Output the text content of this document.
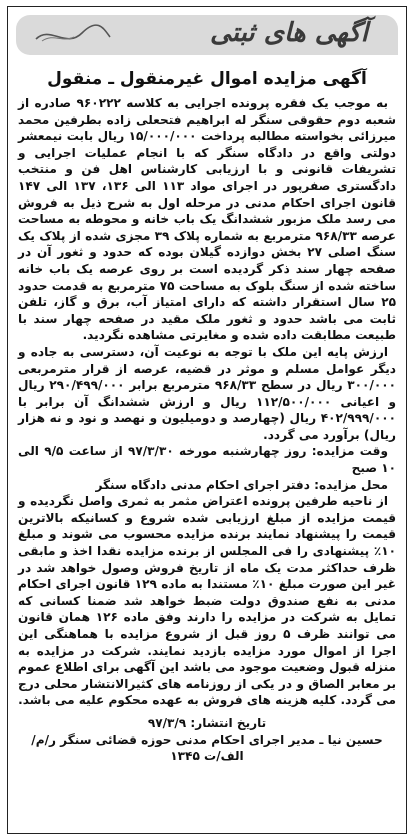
آگهی های ثبتی
آگهی مزایده اموال غیرمنقول ـ منقول

به موجب یک فقره پرونده اجرایی به کلاسه ۹۶۰۲۲۲ صادره از شعبه دوم حقوقی سنگر له ابراهیم فتحعلی زاده بطرفین محمد میرزائی بخواسته مطالبه پرداخت ۱۵/۰۰۰/۰۰۰ ریال بابت نیمعشر دولتی واقع در دادگاه سنگر که با انجام عملیات اجرایی و تشریفات قانونی و با ارزیابی کارشناس اهل فن و منتخب دادگستری صفرپور در اجرای مواد ۱۱۳ الی ۱۳۶، ۱۳۷ الی ۱۴۷ قانون اجرای احکام مدنی در مرحله اول به شرح ذیل به فروش می رسد ملک مزبور ششدانگ یک باب خانه و محوطه به مساحت عرصه ۹۶۸/۳۳ مترمربع به شماره پلاک ۳۹ مجزی شده از پلاک یک سنگ اصلی ۲۷ بخش دوازده گیلان بوده که حدود و ثغور آن در صفحه چهار سند ذکر گردیده است بر روی عرصه یک باب خانه ساخته شده از سنگ بلوک به مساحت ۷۵ مترمربع به قدمت حدود ۲۵ سال استقرار داشته که دارای امتیاز آب، برق و گاز، تلفن ثابت می باشد حدود و ثغور ملک مقید در صفحه چهار سند با طبیعت مطابقت داده شده و مغایرتی مشاهده نگردید.

ارزش پایه این ملک با توجه به نوعیت آن، دسترسی به جاده و دیگر عوامل مسلم و موثر در قضیه، عرصه از قرار مترمربعی ۳۰۰/۰۰۰ ریال در سطح ۹۶۸/۳۳ مترمربع برابر ۲۹۰/۴۹۹/۰۰۰ ریال و اعیانی ۱۱۲/۵۰۰/۰۰۰ ریال و ارزش ششدانگ آن برابر با ۴۰۲/۹۹۹/۰۰۰ ریال (چهارصد و دومیلیون و نهصد و نود و نه هزار ریال) برآورد می گردد.

وقت مزایده: روز چهارشنبه مورخه ۹۷/۳/۳۰ از ساعت ۹/۵ الی ۱۰ صبح

محل مزایده: دفتر اجرای احکام مدنی دادگاه سنگر

از ناحیه طرفین پرونده اعتراض مثمر به ثمری واصل نگردیده و قیمت مزایده از مبلغ ارزیابی شده شروع و کسانیکه بالاترین قیمت را پیشنهاد نمایند برنده مزایده محسوب می شوند و مبلغ ۱۰٪ پیشنهادی را فی المجلس از برنده مزایده نقدا اخذ و مابقی ظرف حداکثر مدت یک ماه از تاریخ فروش وصول خواهد شد در غیر این صورت مبلغ ۱۰٪ مستندا به ماده ۱۲۹ قانون اجرای احکام مدنی به نفع صندوق دولت ضبط خواهد شد ضمنا کسانی که تمایل به شرکت در مزایده را دارند وفق ماده ۱۲۶ همان قانون می توانند ظرف ۵ روز قبل از شروع مزایده با هماهنگی این اجرا از اموال مورد مزایده بازدید نمایند. شرکت در مزایده به منزله قبول وضعیت موجود می باشد این آگهی برای اطلاع عموم بر معابر الصاق و در یکی از روزنامه های کثیرالانتشار محلی درج می گردد. کلیه هزینه های فروش به عهده محکوم علیه می باشد.

تاریخ انتشار: ۹۷/۳/۹

حسین نیا ـ مدیر اجرای احکام مدنی حوزه قضائی سنگر ر/م/

الف/ت ۱۳۴۵
